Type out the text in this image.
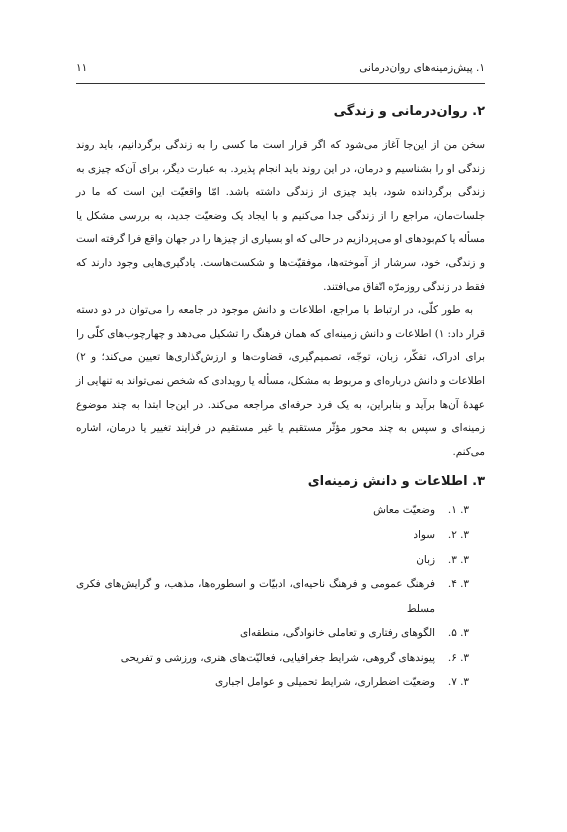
۱. پیش‌زمینه‌های روان‌درمانی
۱۱
۲. روان‌درمانی و زندگی

سخن من از این‌جا آغاز می‌شود که اگر قرار است ما کسی را به زندگی برگردانیم، باید روند زندگی او را بشناسیم و درمان، در این روند باید انجام پذیرد. به عبارت دیگر، برای آن‌که چیزی به زندگی برگردانده شود، باید چیزی از زندگی داشته باشد. امّا واقعیّت این است که ما در جلسات‌مان، مراجع را از زندگی جدا می‌کنیم و با ایجاد یک وضعیّت جدید، به بررسی مشکل یا مسأله یا کم‌بودهای او می‌پردازیم در حالی که او بسیاری از چیزها را در جهان واقع فرا گرفته است و زندگی، خود، سرشار از آموخته‌ها، موفقیّت‌ها و شکست‌هاست. یادگیری‌هایی وجود دارند که فقط در زندگی روزمرّه اتّفاق می‌افتند.

به طور کلّی، در ارتباط با مراجع، اطلاعات و دانش موجود در جامعه را می‌توان در دو دسته قرار داد: ۱) اطلاعات و دانش زمینه‌ای که همان فرهنگ را تشکیل می‌دهد و چهارچوب‌های کلّی را برای ادراک، تفکّر، زبان، توجّه، تصمیم‌گیری، قضاوت‌ها و ارزش‌گذاری‌ها تعیین می‌کند؛ و ۲) اطلاعات و دانش درباره‌ای و مربوط به مشکل، مسأله یا رویدادی که شخص نمی‌تواند به تنهایی از عهدهٔ آن‌ها برآید و بنابراین، به یک فرد حرفه‌ای مراجعه می‌کند. در این‌جا ابتدا به چند موضوع زمینه‌ای و سپس به چند محور مؤثّر مستقیم یا غیر مستقیم در فرایند تغییر یا درمان، اشاره می‌کنم.

۳. اطلاعات و دانش زمینه‌ای
۳. ۱.وضعیّت معاش
۳. ۲.سواد
۳. ۳.زبان
۳. ۴.فرهنگ عمومی و فرهنگ ناحیه‌ای، ادبیّات و اسطوره‌ها، مذهب، و گرایش‌های فکری مسلط
۳. ۵.الگوهای رفتاری و تعاملی خانوادگی، منطقه‌ای
۳. ۶.پیوندهای گروهی، شرایط جغرافیایی، فعالیّت‌های هنری، ورزشی و تفریحی
۳. ۷.وضعیّت اضطراری، شرایط تحمیلی و عوامل اجباری
